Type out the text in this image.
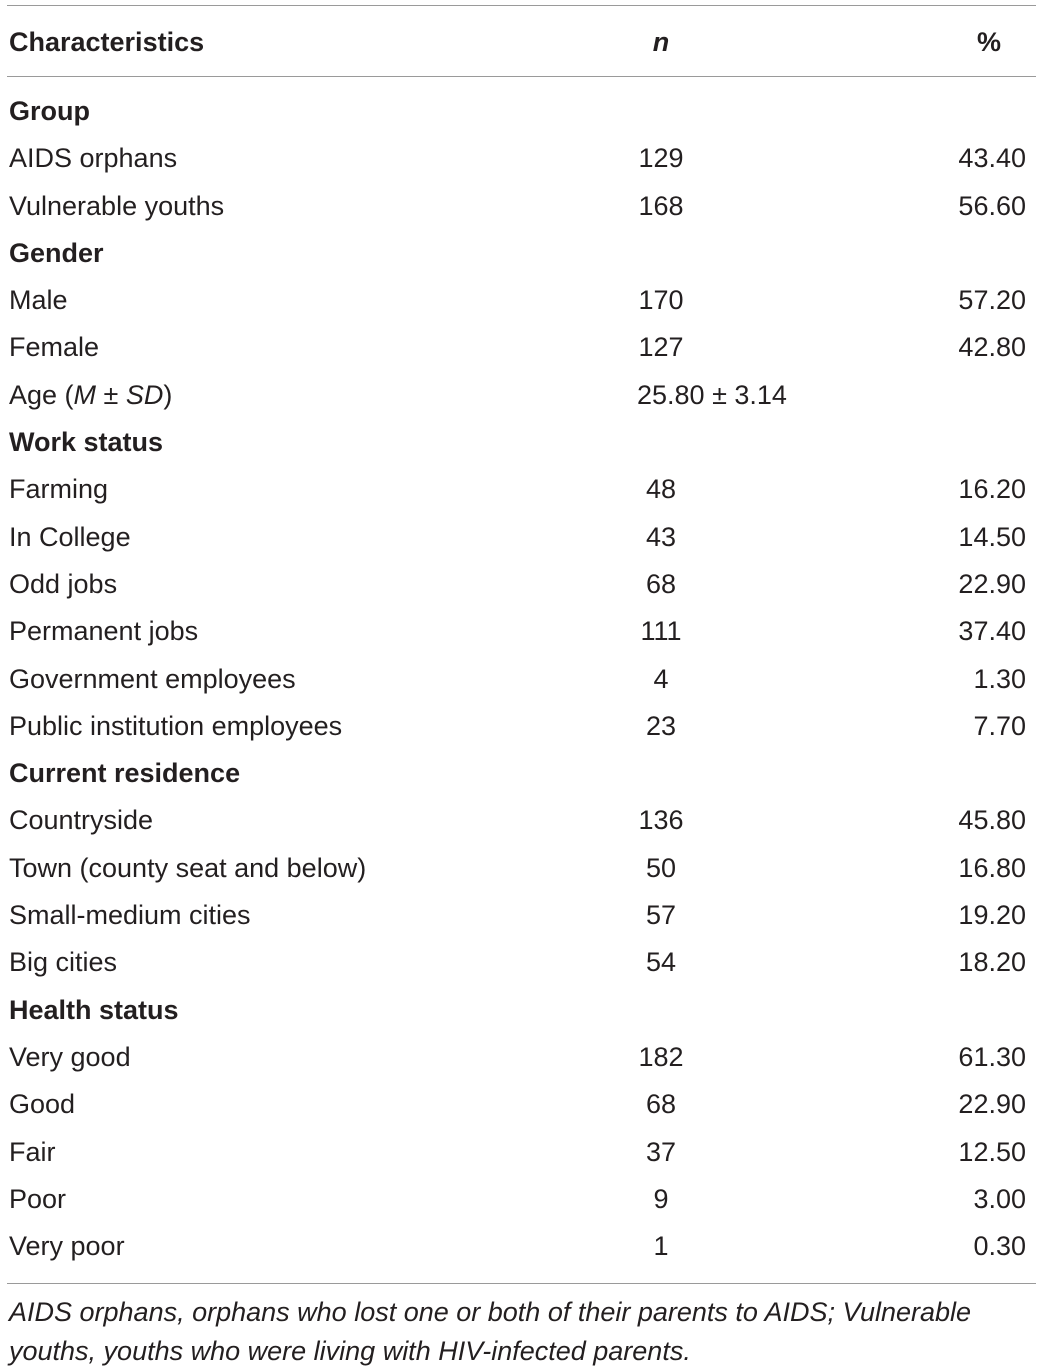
Characteristics	n	%
Group
AIDS orphans	129	43.40
Vulnerable youths	168	56.60
Gender
Male	170	57.20
Female	127	42.80
Age (M ± SD)	25.80 ± 3.14
Work status
Farming	48	16.20
In College	43	14.50
Odd jobs	68	22.90
Permanent jobs	111	37.40
Government employees	4	1.30
Public institution employees	23	7.70
Current residence
Countryside	136	45.80
Town (county seat and below)	50	16.80
Small-medium cities	57	19.20
Big cities	54	18.20
Health status
Very good	182	61.30
Good	68	22.90
Fair	37	12.50
Poor	9	3.00
Very poor	1	0.30
AIDS orphans, orphans who lost one or both of their parents to AIDS; Vulnerable youths, youths who were living with HIV-infected parents.
